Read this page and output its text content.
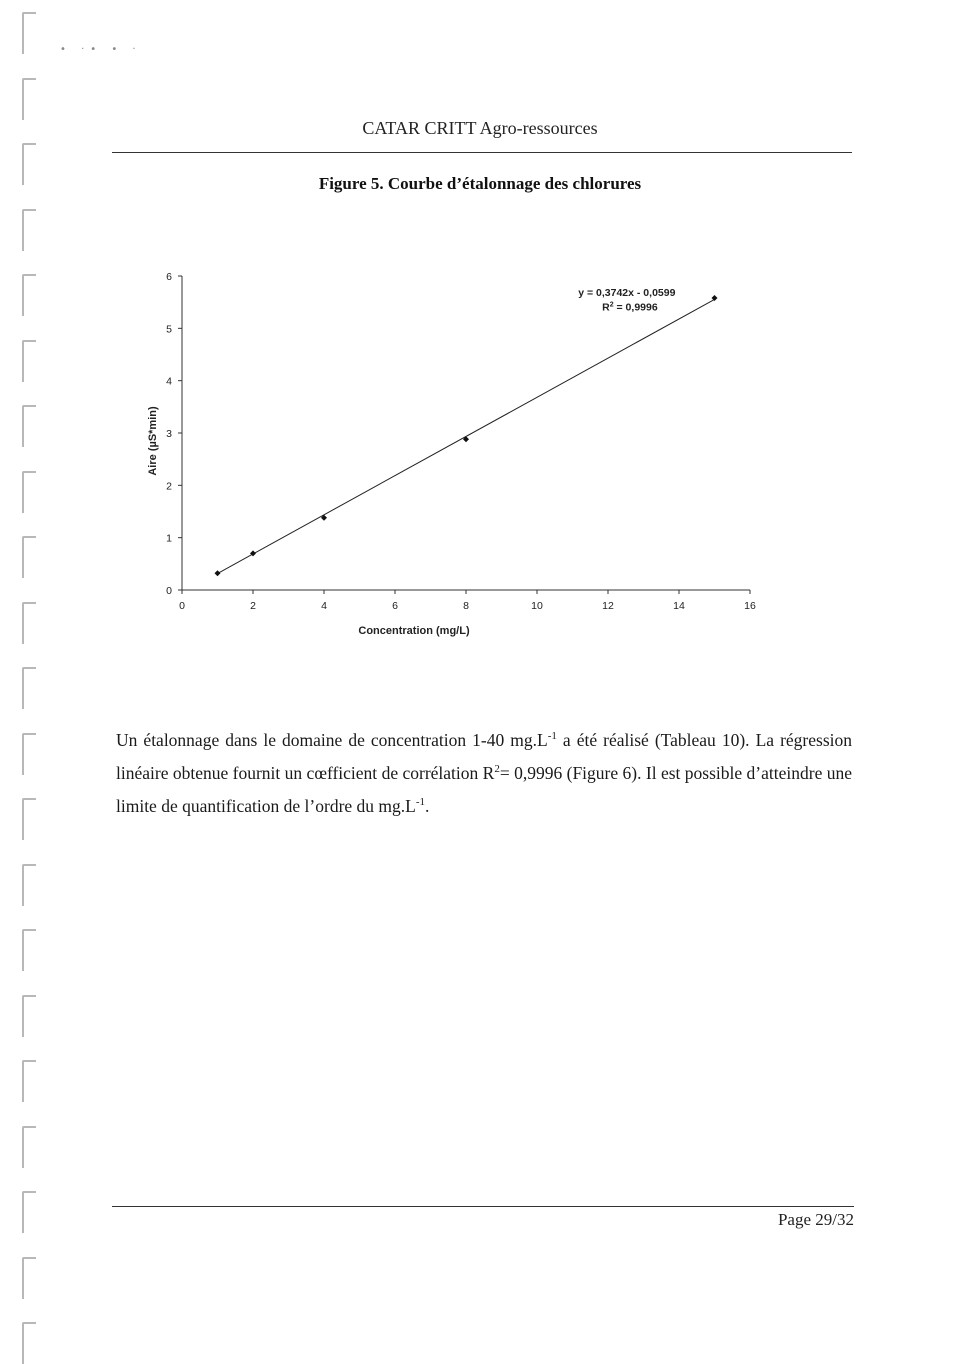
• ·• • ·
CATAR CRITT Agro-ressources
Figure 5. Courbe d’étalonnage des chlorures
0	2	4	6	8	10	12	14	16
0
1
2
3
4
5
6
y = 0,3742x - 0,0599
$R^2 = 0,9996$
Concentration (mg/L)
Aire (µS*min)
Un étalonnage dans le domaine de concentration 1-40 $mg.L^{-1}$ a été réalisé (Tableau 10). La régression linéaire obtenue fournit un cœfficient de corrélation $R^2= 0,9996$ (Figure 6). Il est possible d’atteindre une limite de quantification de l’ordre du $mg.L^{-1}$.
Page 29/32
